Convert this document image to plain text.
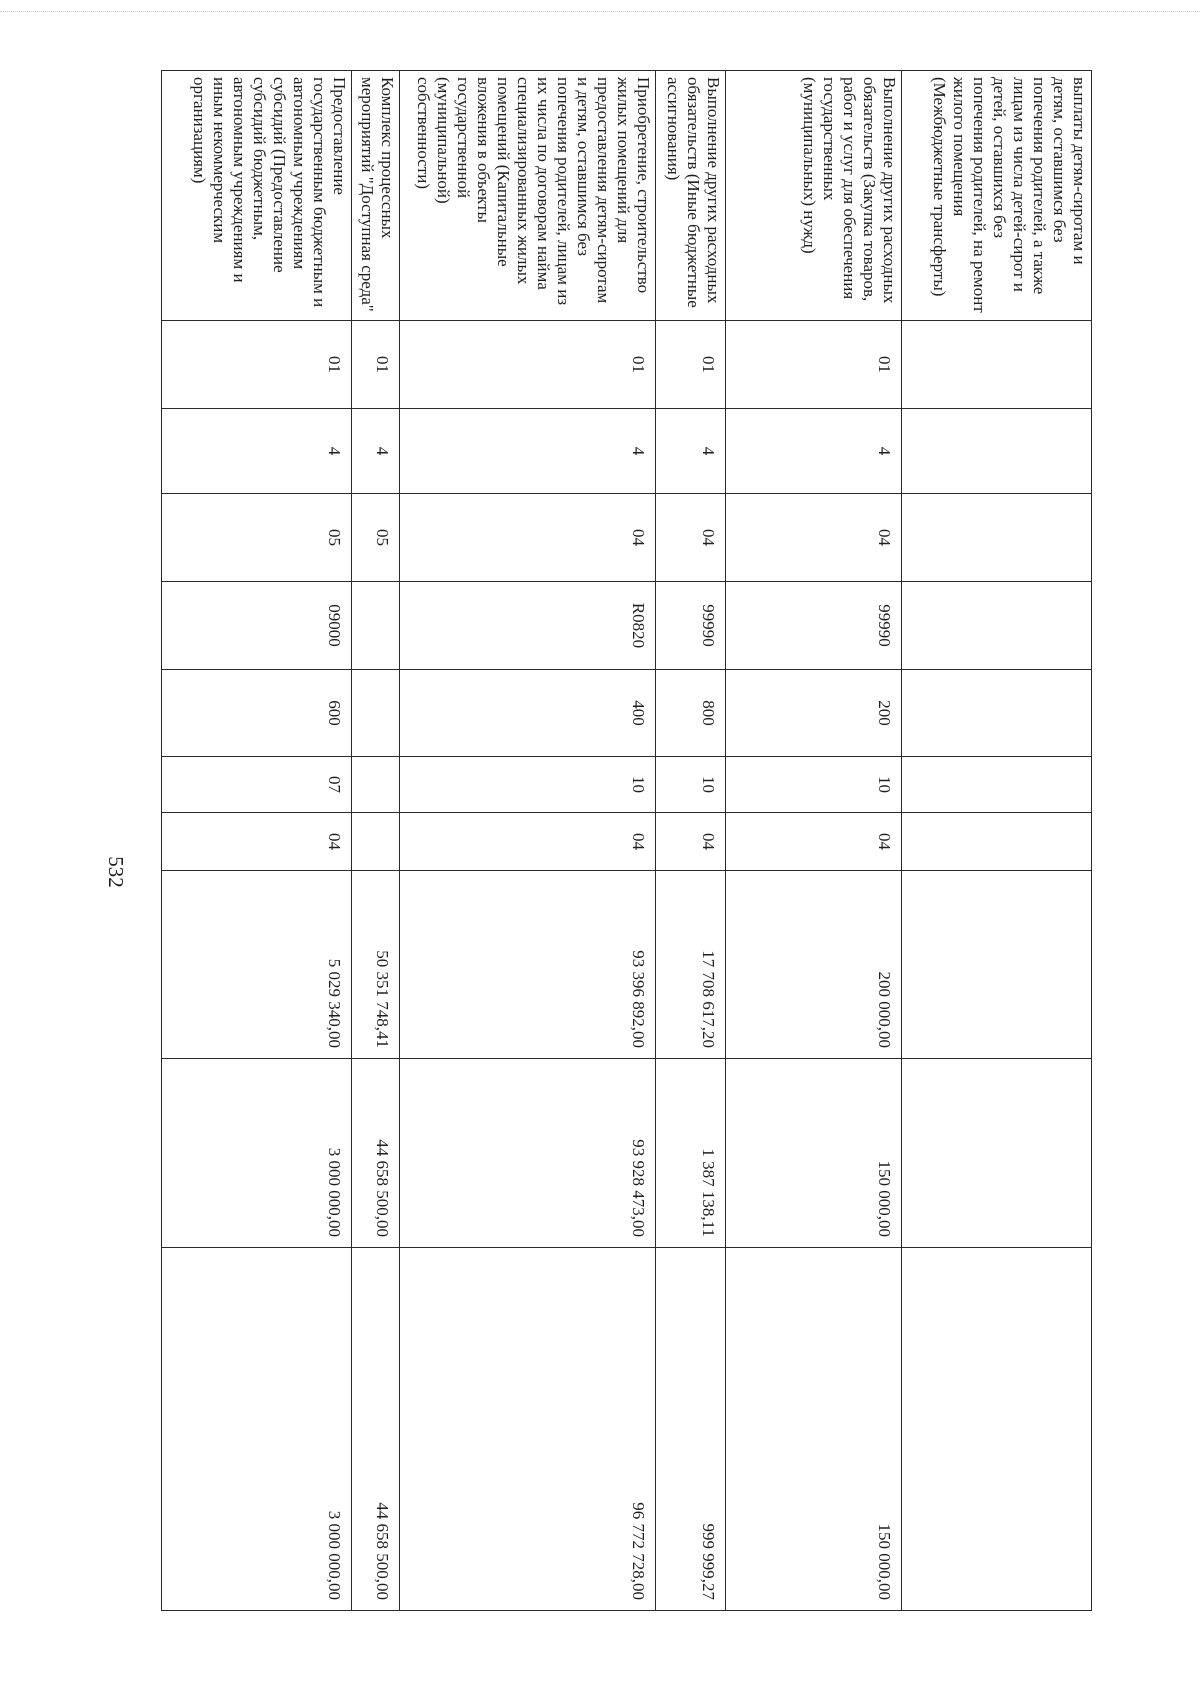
532
выплаты детям-сиротам и детям, оставшимся без попечения родителей, а также лицам из числа детей-сирот и детей, оставшихся без попечения родителей, на ремонт жилого помещения (Межбюджетные трансферты)										
Выполнение других расходных обязательств (Закупка товаров, работ и услуг для обеспечения государственных (муниципальных) нужд)	01	4	04	99990	200	10	04	200 000,00	150 000,00	150 000,00
Выполнение других расходных обязательств (Иные бюджетные ассигнования)	01	4	04	99990	800	10	04	17 708 617,20	1 387 138,11	999 999,27
Приобретение, строительство жилых помещений для предоставления детям-сиротам и детям, оставшимся без попечения родителей, лицам из их числа по договорам найма специализированных жилых помещений (Капитальные вложения в объекты государственной (муниципальной) собственности)	01	4	04	R0820	400	10	04	93 396 892,00	93 928 473,00	96 772 728,00
Комплекс процессных мероприятий "Доступная среда"	01	4	05					50 351 748,41	44 658 500,00	44 658 500,00
Предоставление государственным бюджетным и автономным учреждениям субсидий (Предоставление субсидий бюджетным, автономным учреждениям и иным некоммерческим организациям)	01	4	05	09000	600	07	04	5 029 340,00	3 000 000,00	3 000 000,00
